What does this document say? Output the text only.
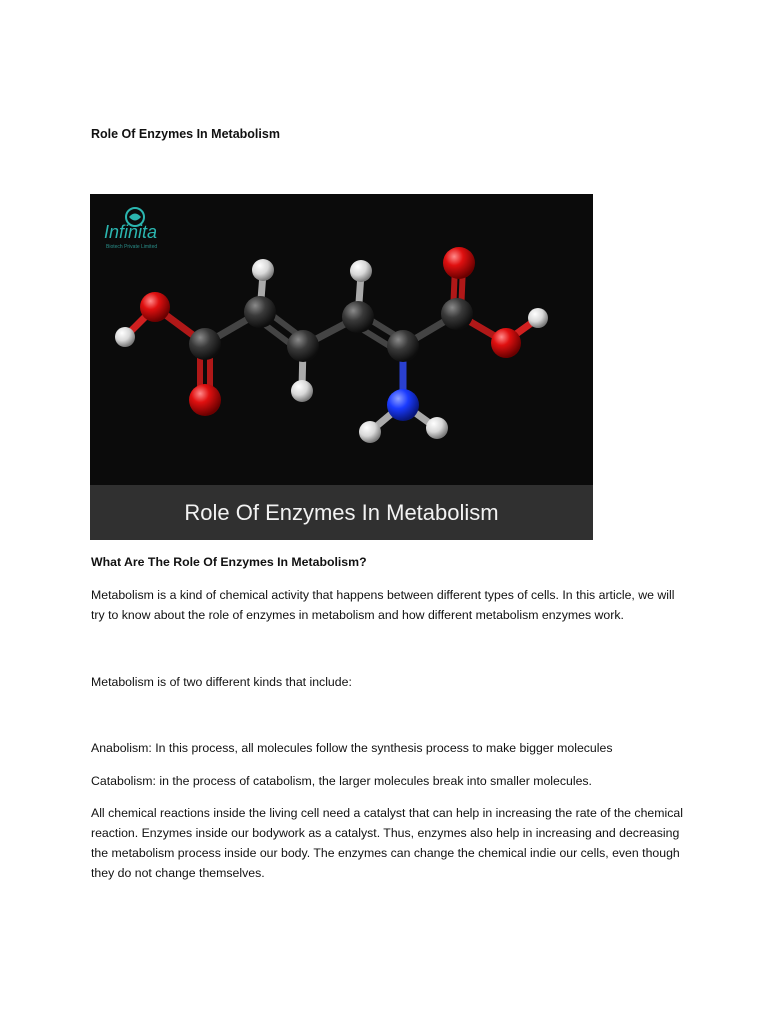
Role Of Enzymes In Metabolism
Infinita
Biotech Private Limited
Role Of Enzymes In Metabolism
What Are The Role Of Enzymes In Metabolism?
Metabolism is a kind of chemical activity that happens between different types of cells. In this article, we will try to know about the role of enzymes in metabolism and how different metabolism enzymes work.
Metabolism is of two different kinds that include:
Anabolism: In this process, all molecules follow the synthesis process to make bigger molecules
Catabolism: in the process of catabolism, the larger molecules break into smaller molecules.
All chemical reactions inside the living cell need a catalyst that can help in increasing the rate of the chemical reaction. Enzymes inside our bodywork as a catalyst. Thus, enzymes also help in increasing and decreasing the metabolism process inside our body. The enzymes can change the chemical indie our cells, even though they do not change themselves.
